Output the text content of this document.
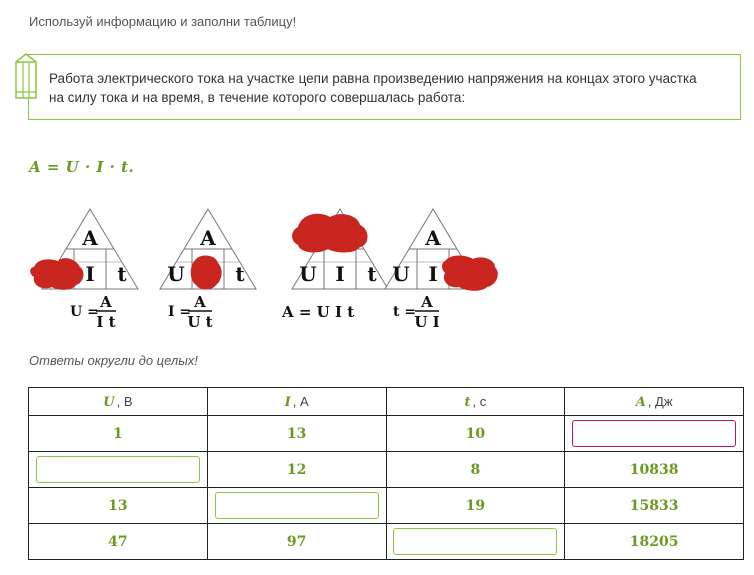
Используй информацию и заполни таблицу!
Работа электрического тока на участке цепи равна произведению напряжения на концах этого участка на силу тока и на время, в течение которого совершалась работа:
A = U · I · t.
A
I t
U =
A
I t
A
U	t
I =
A
U t
U I t
A = U I t
A
U I
t =
A
U I
Ответы округли до целых!
U , В	I , А	t , с	A , Дж
1	13	10	

	12	8	10838
13		19	15833
47	97		18205
